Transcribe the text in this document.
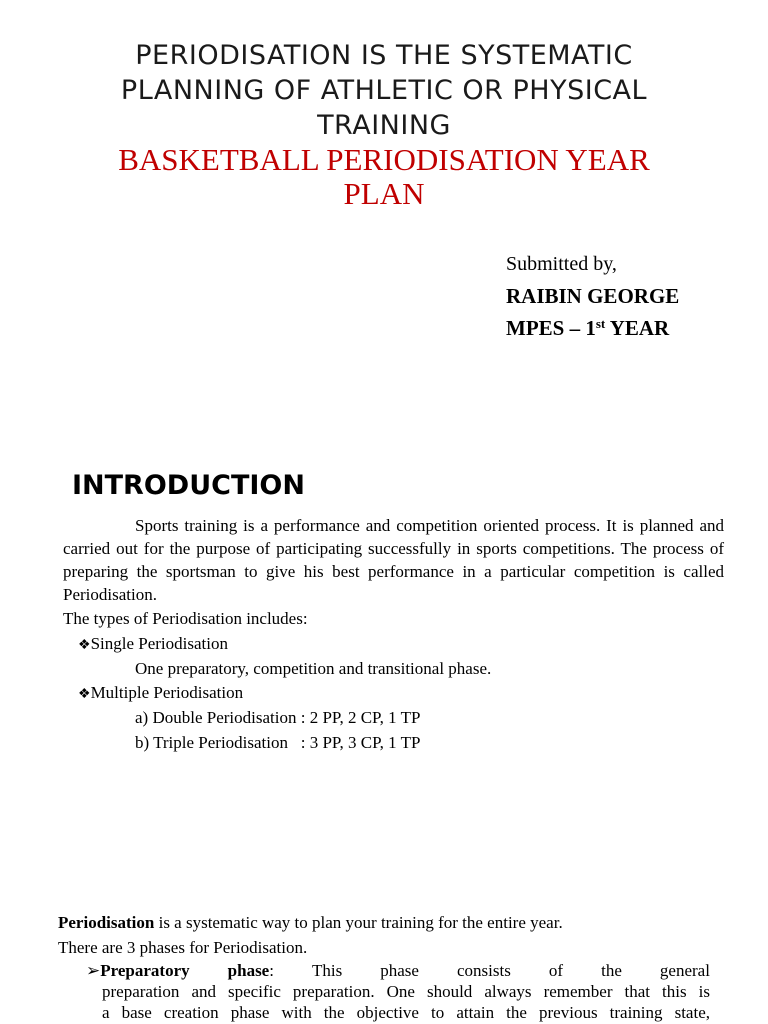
PERIODISATION IS THE SYSTEMATIC
PLANNING OF ATHLETIC OR PHYSICAL
TRAINING
BASKETBALL PERIODISATION YEAR
PLAN
Submitted by,
RAIBIN GEORGE
MPES – 1st YEAR
INTRODUCTION
Sports training is a performance and competition oriented process. It is planned and carried out for the purpose of participating successfully in sports competitions. The process of preparing the sportsman to give his best performance in a particular competition is called Periodisation.
The types of Periodisation includes:
❖Single Periodisation
One preparatory, competition and transitional phase.
❖Multiple Periodisation
a) Double Periodisation : 2 PP, 2 CP, 1 TP
b) Triple Periodisation   : 3 PP, 3 CP, 1 TP
Periodisation is a systematic way to plan your training for the entire year.
There are 3 phases for Periodisation.
➢Preparatory phase: This phase consists of the general
preparation and specific preparation. One should always remember that this is
a base creation phase with the objective to attain the previous training state,
